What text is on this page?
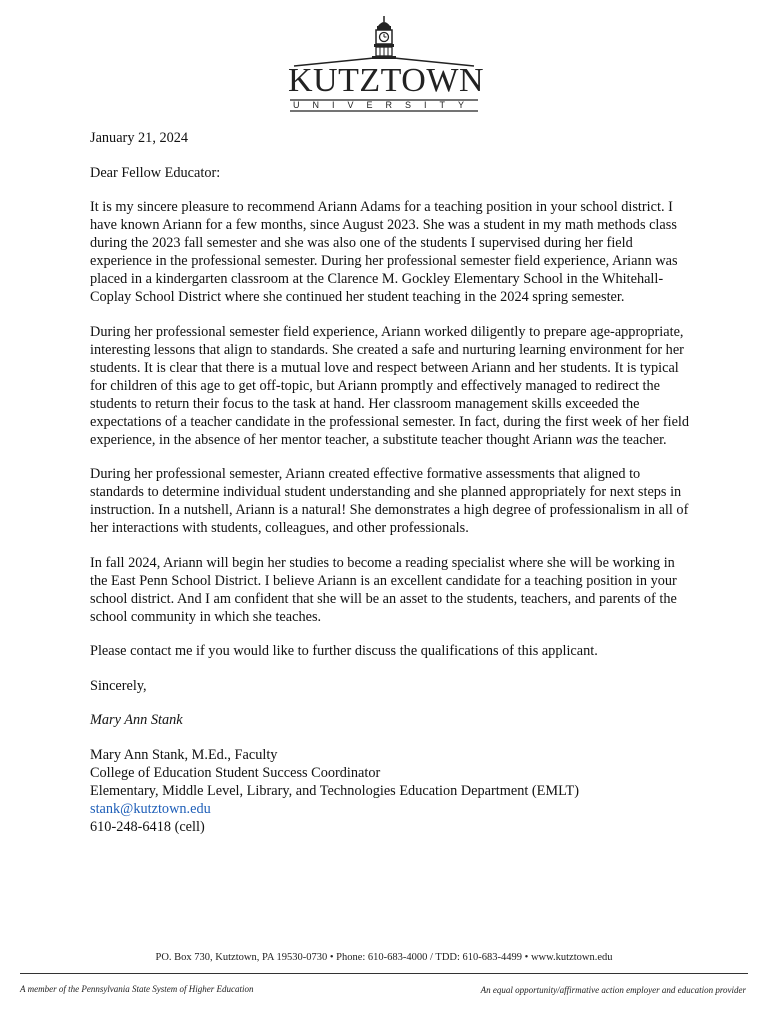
KUTZTOWN
UNIVERSITY

January 21, 2024

Dear Fellow Educator:

It is my sincere pleasure to recommend Ariann Adams for a teaching position in your school district. I have known Ariann for a few months, since August 2023. She was a student in my math methods class during the 2023 fall semester and she was also one of the students I supervised during her field experience in the professional semester. During her professional semester field experience, Ariann was placed in a kindergarten classroom at the Clarence M. Gockley Elementary School in the Whitehall-Coplay School District where she continued her student teaching in the 2024 spring semester.

During her professional semester field experience, Ariann worked diligently to prepare age-appropriate, interesting lessons that align to standards. She created a safe and nurturing learning environment for her students. It is clear that there is a mutual love and respect between Ariann and her students. It is typical for children of this age to get off-topic, but Ariann promptly and effectively managed to redirect the students to return their focus to the task at hand. Her classroom management skills exceeded the expectations of a teacher candidate in the professional semester. In fact, during the first week of her field experience, in the absence of her mentor teacher, a substitute teacher thought Ariann was the teacher.

During her professional semester, Ariann created effective formative assessments that aligned to standards to determine individual student understanding and she planned appropriately for next steps in instruction. In a nutshell, Ariann is a natural! She demonstrates a high degree of professionalism in all of her interactions with students, colleagues, and other professionals.

In fall 2024, Ariann will begin her studies to become a reading specialist where she will be working in the East Penn School District. I believe Ariann is an excellent candidate for a teaching position in your school district. And I am confident that she will be an asset to the students, teachers, and parents of the school community in which she teaches.

Please contact me if you would like to further discuss the qualifications of this applicant.

Sincerely,

Mary Ann Stank

Mary Ann Stank, M.Ed., Faculty

College of Education Student Success Coordinator

Elementary, Middle Level, Library, and Technologies Education Department (EMLT)

stank@kutztown.edu

610-248-6418 (cell)

PO. Box 730, Kutztown, PA 19530-0730 • Phone: 610-683-4000 / TDD: 610-683-4499 • www.kutztown.edu
A member of the Pennsylvania State System of Higher Education	An equal opportunity/affirmative action employer and education provider
